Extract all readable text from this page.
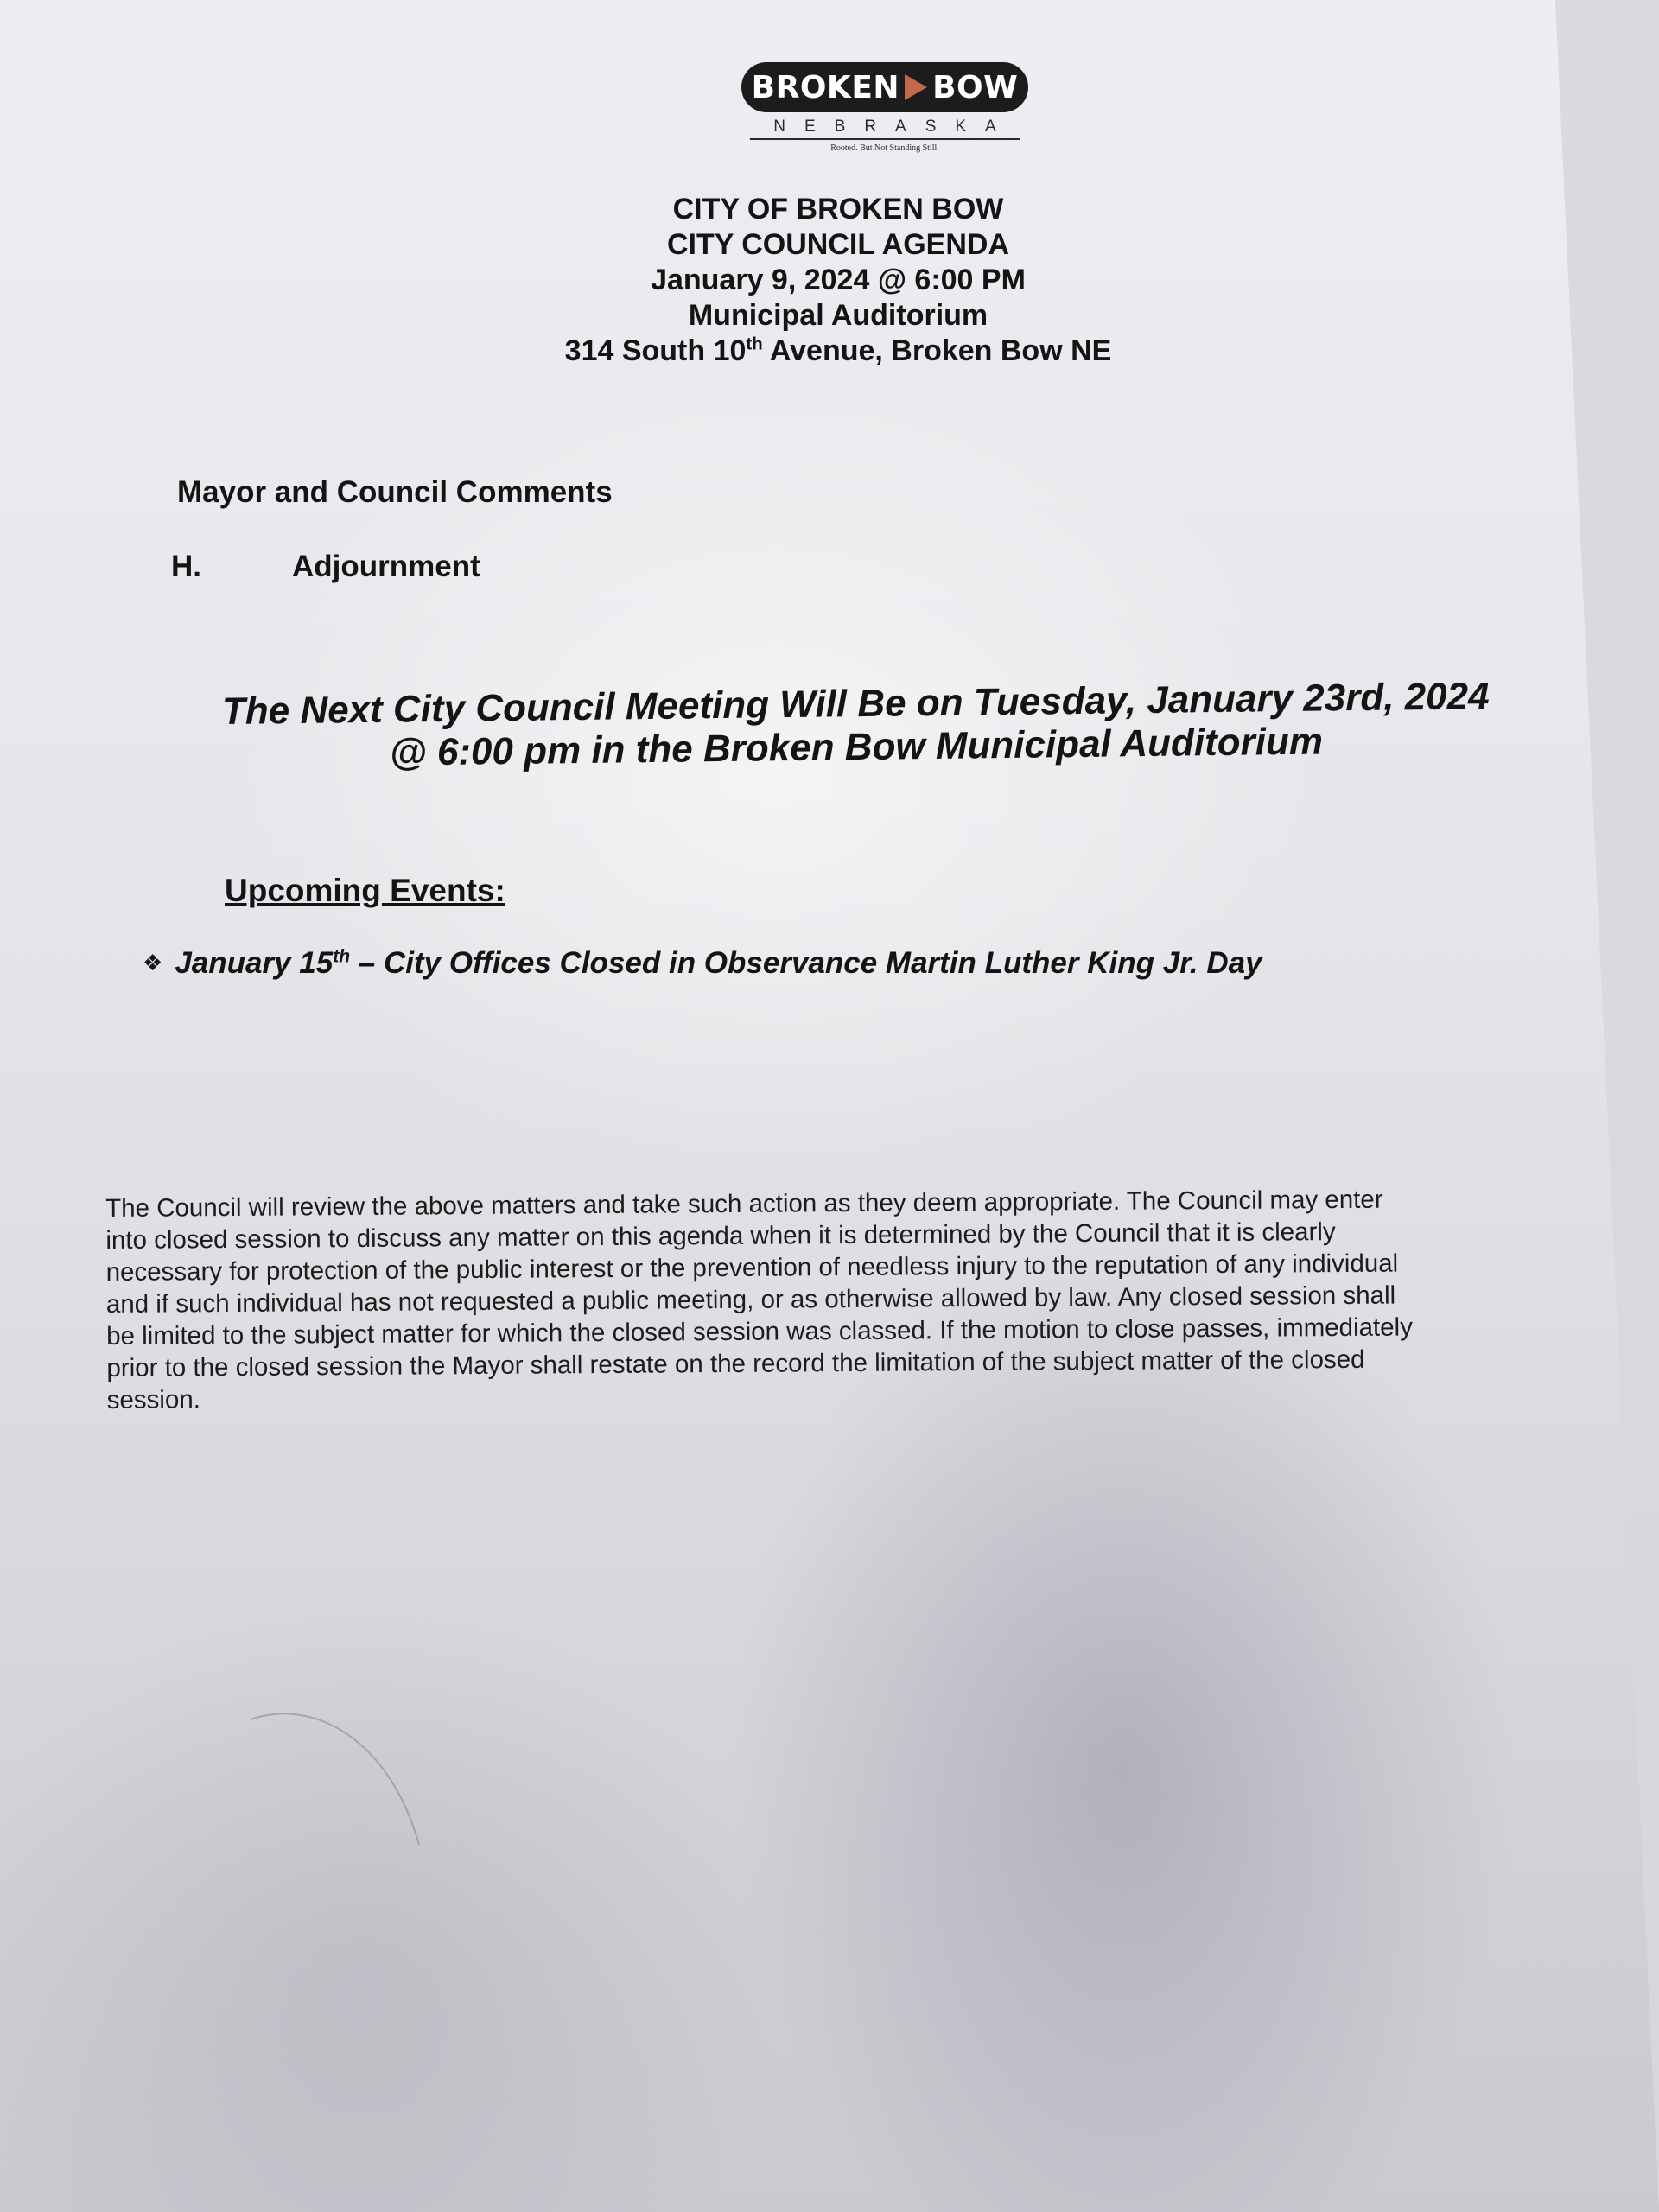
BROKEN BOW
NEBRASKA
Rooted. But Not Standing Still.
CITY OF BROKEN BOW
CITY COUNCIL AGENDA
January 9, 2024 @ 6:00 PM
Municipal Auditorium
314 South 10th Avenue, Broken Bow NE
Mayor and Council Comments
H.	Adjournment
The Next City Council Meeting Will Be on Tuesday, January 23rd, 2024
@ 6:00 pm in the Broken Bow Municipal Auditorium
Upcoming Events:
❖ January 15th – City Offices Closed in Observance Martin Luther King Jr. Day
The Council will review the above matters and take such action as they deem appropriate. The Council may enter
into closed session to discuss any matter on this agenda when it is determined by the Council that it is clearly
necessary for protection of the public interest or the prevention of needless injury to the reputation of any individual
and if such individual has not requested a public meeting, or as otherwise allowed by law. Any closed session shall
be limited to the subject matter for which the closed session was classed. If the motion to close passes, immediately
prior to the closed session the Mayor shall restate on the record the limitation of the subject matter of the closed
session.
